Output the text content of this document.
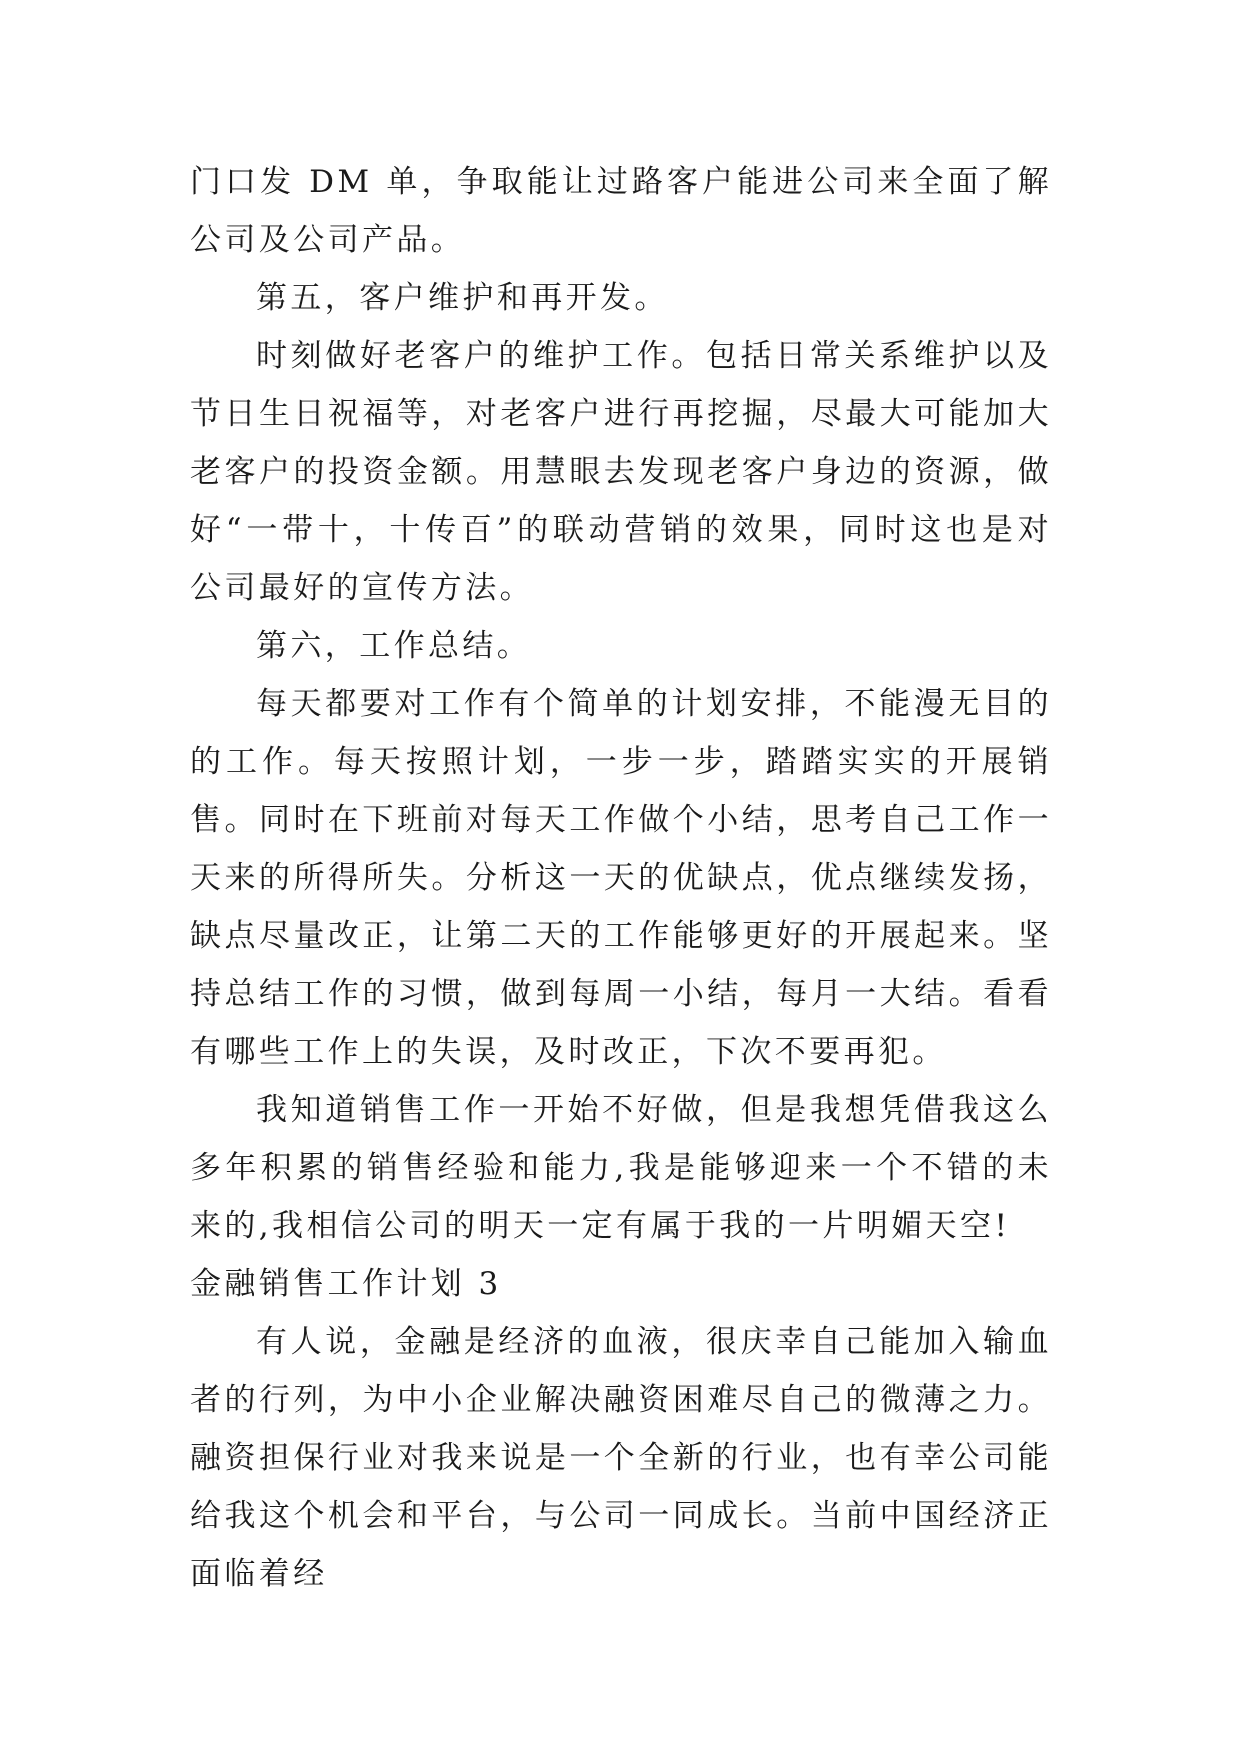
门口发 DM 单，争取能让过路客户能进公司来全面了解公司及公司产品。

第五，客户维护和再开发。

时刻做好老客户的维护工作。包括日常关系维护以及节日生日祝福等，对老客户进行再挖掘，尽最大可能加大老客户的投资金额。用慧眼去发现老客户身边的资源，做好“一带十，十传百”的联动营销的效果，同时这也是对公司最好的宣传方法。

第六，工作总结。

每天都要对工作有个简单的计划安排，不能漫无目的的工作。每天按照计划，一步一步，踏踏实实的开展销售。同时在下班前对每天工作做个小结，思考自己工作一天来的所得所失。分析这一天的优缺点，优点继续发扬，缺点尽量改正，让第二天的工作能够更好的开展起来。坚持总结工作的习惯，做到每周一小结，每月一大结。看看有哪些工作上的失误，及时改正，下次不要再犯。

我知道销售工作一开始不好做，但是我想凭借我这么多年积累的销售经验和能力,我是能够迎来一个不错的未来的,我相信公司的明天一定有属于我的一片明媚天空!

金融销售工作计划 3

有人说，金融是经济的血液，很庆幸自己能加入输血者的行列，为中小企业解决融资困难尽自己的微薄之力。融资担保行业对我来说是一个全新的行业，也有幸公司能给我这个机会和平台，与公司一同成长。当前中国经济正面临着经
